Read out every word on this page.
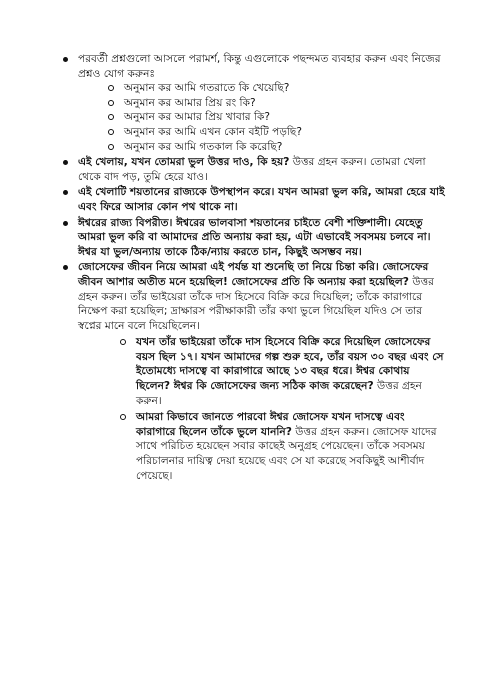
পরবর্তী প্রশ্নগুলো আসলে পরামর্শ, কিন্তু এগুলোকে পছন্দমত ব্যবহার করুন এবং নিজের প্রশ্নও যোগ করুনঃ
অনুমান কর আমি গতরাতে কি খেয়েছি?
অনুমান কর আমার প্রিয় রং কি?
অনুমান কর আমার প্রিয় খাবার কি?
অনুমান কর আমি এখন কোন বইটি পড়ছি?
অনুমান কর আমি গতকাল কি করেছি?
এই খেলায়, যখন তোমরা ভুল উত্তর দাও, কি হয়? উত্তর গ্রহন করুন। তোমরা খেলা থেকে বাদ পড়, তুমি হেরে যাও।
এই খেলাটি শয়তানের রাজ্যকে উপস্থাপন করে। যখন আমরা ভুল করি, আমরা হেরে যাই এবং ফিরে আসার কোন পথ থাকে না।
ঈশ্বরের রাজ্য বিপরীত। ঈশ্বরের ভালবাসা শয়তানের চাইতে বেশী শক্তিশালী। যেহেতু আমরা ভুল করি বা আমাদের প্রতি অন্যায় করা হয়, এটা এভাবেই সবসময় চলবে না। ঈশ্বর যা ভুল/অন্যায় তাকে ঠিক/ন্যায় করতে চান, কিছুই অসম্ভব নয়।
জোসেফের জীবন নিয়ে আমরা এই পর্যন্ত যা শুনেছি তা নিয়ে চিন্তা করি। জোসেফের জীবন আশার অতীত মনে হয়েছিল! জোসেফের প্রতি কি অন্যায় করা হয়েছিল? উত্তর গ্রহন করুন। তাঁর ভাইয়েরা তাঁকে দাস হিসেবে বিক্রি করে দিয়েছিল; তাঁকে কারাগারে নিক্ষেপ করা হয়েছিল; দ্রাক্ষারস পরীক্ষাকারী তাঁর কথা ভুলে গিয়েছিল যদিও সে তার স্বপ্নের মানে বলে দিয়েছিলেন।
যখন তাঁর ভাইয়েরা তাঁকে দাস হিসেবে বিক্রি করে দিয়েছিল জোসেফের বয়স ছিল ১৭। যখন আমাদের গল্প শুরু হবে, তাঁর বয়স ৩০ বছর এবং সে ইতোমধ্যে দাসত্বে বা কারাগারে আছে ১৩ বছর ধরে। ঈশ্বর কোথায় ছিলেন? ঈশ্বর কি জোসেফের জন্য সঠিক কাজ করেছেন? উত্তর গ্রহন করুন।
আমরা কিভাবে জানতে পারবো ঈশ্বর জোসেফ যখন দাসত্বে এবং কারাগারে ছিলেন তাঁকে ভুলে যাননি? উত্তর গ্রহন করুন। জোসেফ যাদের সাথে পরিচিত হয়েছেন সবার কাছেই অনুগ্রহ পেয়েছেন। তাঁকে সবসময় পরিচালনার দায়িত্ব দেয়া হয়েছে এবং সে যা করেছে সবকিছুই আশীর্বাদ পেয়েছে।
